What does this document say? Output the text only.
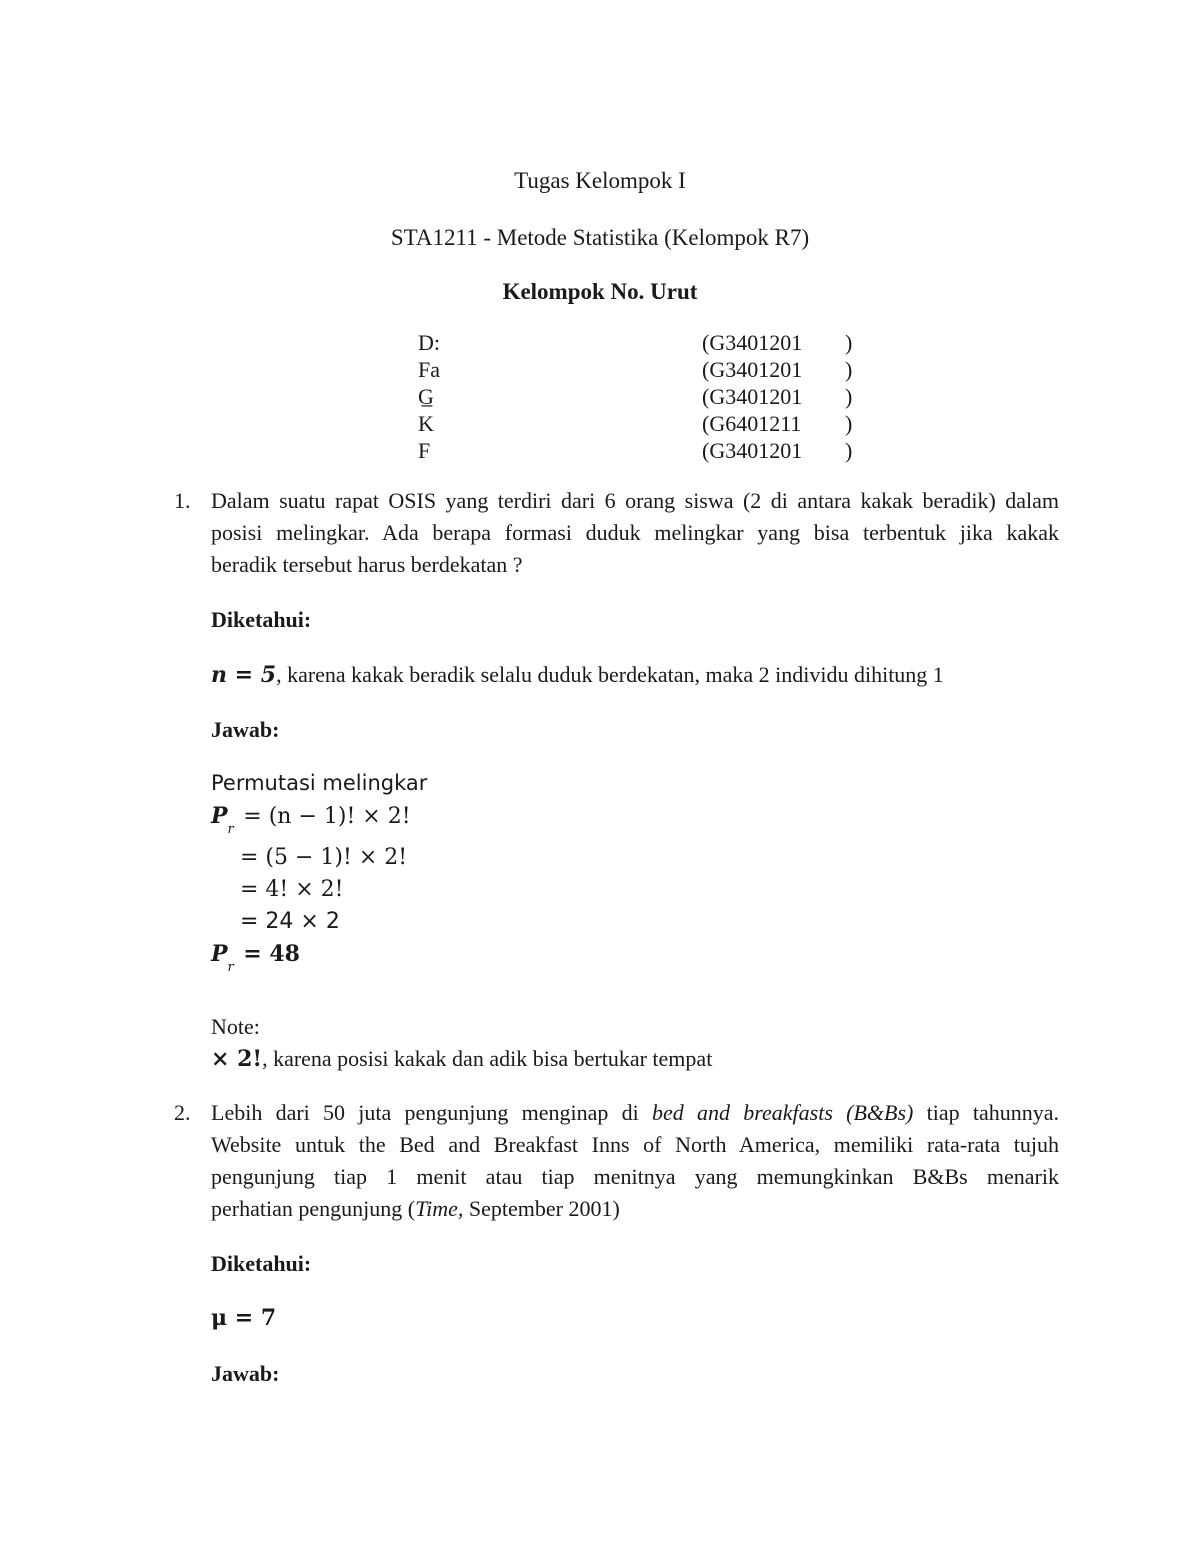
Tugas Kelompok I
STA1211 - Metode Statistika (Kelompok R7)
Kelompok No. Urut
D:	(G3401201 )
Fa	(G3401201 )
G̲	(G3401201 )
K	(G6401211 )
F	(G3401201 )
1. Dalam suatu rapat OSIS yang terdiri dari 6 orang siswa (2 di antara kakak beradik) dalam
posisi melingkar. Ada berapa formasi duduk melingkar yang bisa terbentuk jika kakak
beradik tersebut harus berdekatan ?
Diketahui:
n = 5, karena kakak beradik selalu duduk berdekatan, maka 2 individu dihitung 1
Jawab:
Permutasi melingkar
$P_r = (n - 1)$! × 2!
= (5 − 1)! × 2!
= 4! × 2!
= 24 × 2
$P_r = 48$
Note:
× 2!, karena posisi kakak dan adik bisa bertukar tempat
2. Lebih dari 50 juta pengunjung menginap di bed and breakfasts (B&Bs) tiap tahunnya.
Website untuk the Bed and Breakfast Inns of North America, memiliki rata-rata tujuh
pengunjung tiap 1 menit atau tiap menitnya yang memungkinkan B&Bs menarik
perhatian pengunjung (Time, September 2001)
Diketahui:
μ = 7
Jawab:
